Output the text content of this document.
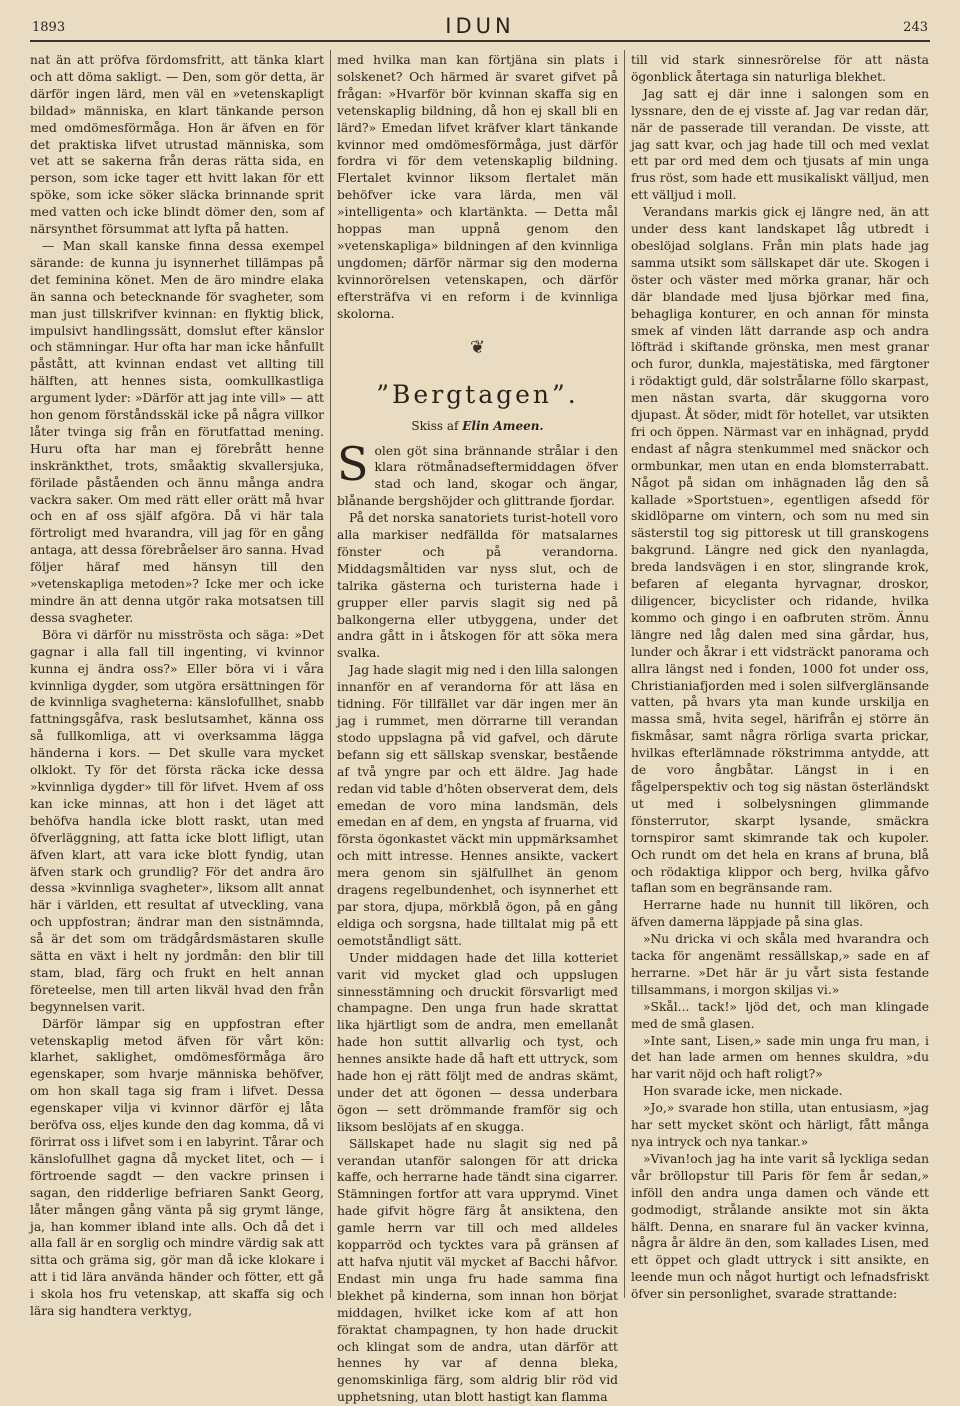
1893	IDUN	243

nat än att pröfva fördomsfritt, att tänka klart och att döma sakligt. — Den, som gör detta, är därför ingen lärd, men väl en »vetenskapligt bildad» människa, en klart tänkande person med omdömesförmåga. Hon är äfven en för det praktiska lifvet utrustad människa, som vet att se sakerna från deras rätta sida, en person, som icke tager ett hvitt lakan för ett spöke, som icke söker släcka brinnande sprit med vatten och icke blindt dömer den, som af närsynthet försummat att lyfta på hatten.

— Man skall kanske finna dessa exempel särande: de kunna ju isynnerhet tillämpas på det feminina könet. Men de äro mindre elaka än sanna och betecknande för svagheter, som man just tillskrifver kvinnan: en flyktig blick, impulsivt handlingssätt, domslut efter känslor och stämningar. Hur ofta har man icke hånfullt påstått, att kvinnan endast vet allting till hälften, att hennes sista, oomkullkastliga argument lyder: »Därför att jag inte vill» — att hon genom förståndsskäl icke på några villkor låter tvinga sig från en förutfattad mening. Huru ofta har man ej förebrått henne inskränkthet, trots, småaktig skvallersjuka, förilade påståenden och ännu många andra vackra saker. Om med rätt eller orätt må hvar och en af oss själf afgöra. Då vi här tala förtroligt med hvarandra, vill jag för en gång antaga, att dessa förebråelser äro sanna. Hvad följer häraf med hänsyn till den »vetenskapliga metoden»? Icke mer och icke mindre än att denna utgör raka motsatsen till dessa svagheter.

Böra vi därför nu misströsta och säga: »Det gagnar i alla fall till ingenting, vi kvinnor kunna ej ändra oss?» Eller böra vi i våra kvinnliga dygder, som utgöra ersättningen för de kvinnliga svagheterna: känslofullhet, snabb fattningsgåfva, rask beslutsamhet, känna oss så fullkomliga, att vi overksamma lägga händerna i kors. — Det skulle vara mycket olklokt. Ty för det första räcka icke dessa »kvinnliga dygder» till för lifvet. Hvem af oss kan icke minnas, att hon i det läget att behöfva handla icke blott raskt, utan med öfverläggning, att fatta icke blott lifligt, utan äfven klart, att vara icke blott fyndig, utan äfven stark och grundlig? För det andra äro dessa »kvinnliga svagheter», liksom allt annat här i världen, ett resultat af utveckling, vana och uppfostran; ändrar man den sistnämnda, så är det som om trädgårdsmästaren skulle sätta en växt i helt ny jordmån: den blir till stam, blad, färg och frukt en helt annan företeelse, men till arten likväl hvad den från begynnelsen varit.

Därför lämpar sig en uppfostran efter vetenskaplig metod äfven för vårt kön: klarhet, saklighet, omdömesförmåga äro egenskaper, som hvarje människa behöfver, om hon skall taga sig fram i lifvet. Dessa egenskaper vilja vi kvinnor därför ej låta beröfva oss, eljes kunde den dag komma, då vi förirrat oss i lifvet som i en labyrint. Tårar och känslofullhet gagna då mycket litet, och — i förtroende sagdt — den vackre prinsen i sagan, den ridderlige befriaren Sankt Georg, låter mången gång vänta på sig grymt länge, ja, han kommer ibland inte alls. Och då det i alla fall är en sorglig och mindre värdig sak att sitta och gräma sig, gör man då icke klokare i att i tid lära använda händer och fötter, ett gå i skola hos fru vetenskap, att skaffa sig och lära sig handtera verktyg,

med hvilka man kan förtjäna sin plats i solskenet? Och härmed är svaret gifvet på frågan: »Hvarför bör kvinnan skaffa sig en vetenskaplig bildning, då hon ej skall bli en lärd?» Emedan lifvet kräfver klart tänkande kvinnor med omdömesförmåga, just därför fordra vi för dem vetenskaplig bildning. Flertalet kvinnor liksom flertalet män behöfver icke vara lärda, men väl »intelligenta» och klartänkta. — Detta mål hoppas man uppnå genom den »vetenskapliga» bildningen af den kvinnliga ungdomen; därför närmar sig den moderna kvinnorörelsen vetenskapen, och därför eftersträfva vi en reform i de kvinnliga skolorna.

❦
”Bergtagen”.
Skiss af Elin Ameen.

Solen göt sina brännande strålar i den klara rötmånadseftermiddagen öfver stad och land, skogar och ängar, blånande bergshöjder och glittrande fjordar.

På det norska sanatoriets turist-hotell voro alla markiser nedfällda för matsalarnes fönster och på verandorna. Middagsmåltiden var nyss slut, och de talrika gästerna och turisterna hade i grupper eller parvis slagit sig ned på balkongerna eller utbyggena, under det andra gått in i åtskogen för att söka mera svalka.

Jag hade slagit mig ned i den lilla salongen innanför en af verandorna för att läsa en tidning. För tillfället var där ingen mer än jag i rummet, men dörrarne till verandan stodo uppslagna på vid gafvel, och därute befann sig ett sällskap svenskar, bestående af två yngre par och ett äldre. Jag hade redan vid table d'hôten observerat dem, dels emedan de voro mina landsmän, dels emedan en af dem, en yngsta af fruarna, vid första ögonkastet väckt min uppmärksamhet och mitt intresse. Hennes ansikte, vackert mera genom sin själfullhet än genom dragens regelbundenhet, och isynnerhet ett par stora, djupa, mörkblå ögon, på en gång eldiga och sorgsna, hade tilltalat mig på ett oemotståndligt sätt.

Under middagen hade det lilla kotteriet varit vid mycket glad och uppslugen sinnesstämning och druckit försvarligt med champagne. Den unga frun hade skrattat lika hjärtligt som de andra, men emellanåt hade hon suttit allvarlig och tyst, och hennes ansikte hade då haft ett uttryck, som hade hon ej rätt följt med de andras skämt, under det att ögonen — dessa underbara ögon — sett drömmande framför sig och liksom beslöjats af en skugga.

Sällskapet hade nu slagit sig ned på verandan utanför salongen för att dricka kaffe, och herrarne hade tändt sina cigarrer. Stämningen fortfor att vara upprymd. Vinet hade gifvit högre färg åt ansiktena, den gamle herrn var till och med alldeles kopparröd och tycktes vara på gränsen af att hafva njutit väl mycket af Bacchi håfvor. Endast min unga fru hade samma fina blekhet på kinderna, som innan hon börjat middagen, hvilket icke kom af att hon föraktat champagnen, ty hon hade druckit och klingat som de andra, utan därför att hennes hy var af denna bleka, genomskinliga färg, som aldrig blir röd vid upphetsning, utan blott hastigt kan flamma

till vid stark sinnesrörelse för att nästa ögonblick återtaga sin naturliga blekhet.

Jag satt ej där inne i salongen som en lyssnare, den de ej visste af. Jag var redan där, när de passerade till verandan. De visste, att jag satt kvar, och jag hade till och med vexlat ett par ord med dem och tjusats af min unga frus röst, som hade ett musikaliskt välljud, men ett välljud i moll.

Verandans markis gick ej längre ned, än att under dess kant landskapet låg utbredt i obeslöjad solglans. Från min plats hade jag samma utsikt som sällskapet där ute. Skogen i öster och väster med mörka granar, här och där blandade med ljusa björkar med fina, behagliga konturer, en och annan för minsta smek af vinden lätt darrande asp och andra löfträd i skiftande grönska, men mest granar och furor, dunkla, majestätiska, med färgtoner i rödaktigt guld, där solstrålarne föllo skarpast, men nästan svarta, där skuggorna voro djupast. Åt söder, midt för hotellet, var utsikten fri och öppen. Närmast var en inhägnad, prydd endast af några stenkummel med snäckor och ormbunkar, men utan en enda blomsterrabatt. Något på sidan om inhägnaden låg den så kallade »Sportstuen», egentligen afsedd för skidlöparne om vintern, och som nu med sin sästerstil tog sig pittoresk ut till granskogens bakgrund. Längre ned gick den nyanlagda, breda landsvägen i en stor, slingrande krok, befaren af eleganta hyrvagnar, droskor, diligencer, bicyclister och ridande, hvilka kommo och gingo i en oafbruten ström. Ännu längre ned låg dalen med sina gårdar, hus, lunder och åkrar i ett vidsträckt panorama och allra längst ned i fonden, 1000 fot under oss, Christianiafjorden med i solen silfverglänsande vatten, på hvars yta man kunde urskilja en massa små, hvita segel, härifrån ej större än fiskmåsar, samt några rörliga svarta prickar, hvilkas efterlämnade rökstrimma antydde, att de voro ångbåtar. Längst in i en fågelperspektiv och tog sig nästan österländskt ut med i solbelysningen glimmande fönsterrutor, skarpt lysande, smäckra tornspiror samt skimrande tak och kupoler. Och rundt om det hela en krans af bruna, blå och rödaktiga klippor och berg, hvilka gåfvo taflan som en begränsande ram.

Herrarne hade nu hunnit till likören, och äfven damerna läppjade på sina glas.

»Nu dricka vi och skåla med hvarandra och tacka för angenämt ressällskap,» sade en af herrarne. »Det här är ju vårt sista festande tillsammans, i morgon skiljas vi.»

»Skål... tack!» ljöd det, och man klingade med de små glasen.

»Inte sant, Lisen,» sade min unga fru man, i det han lade armen om hennes skuldra, »du har varit nöjd och haft roligt?»

Hon svarade icke, men nickade.

»Jo,» svarade hon stilla, utan entusiasm, »jag har sett mycket skönt och härligt, fått många nya intryck och nya tankar.»

»Vivan!och jag ha inte varit så lyckliga sedan vår bröllopstur till Paris för fem år sedan,» inföll den andra unga damen och vände ett godmodigt, strålande ansikte mot sin äkta hälft. Denna, en snarare ful än vacker kvinna, några år äldre än den, som kallades Lisen, med ett öppet och gladt uttryck i sitt ansikte, en leende mun och något hurtigt och lefnadsfriskt öfver sin personlighet, svarade strattande:
